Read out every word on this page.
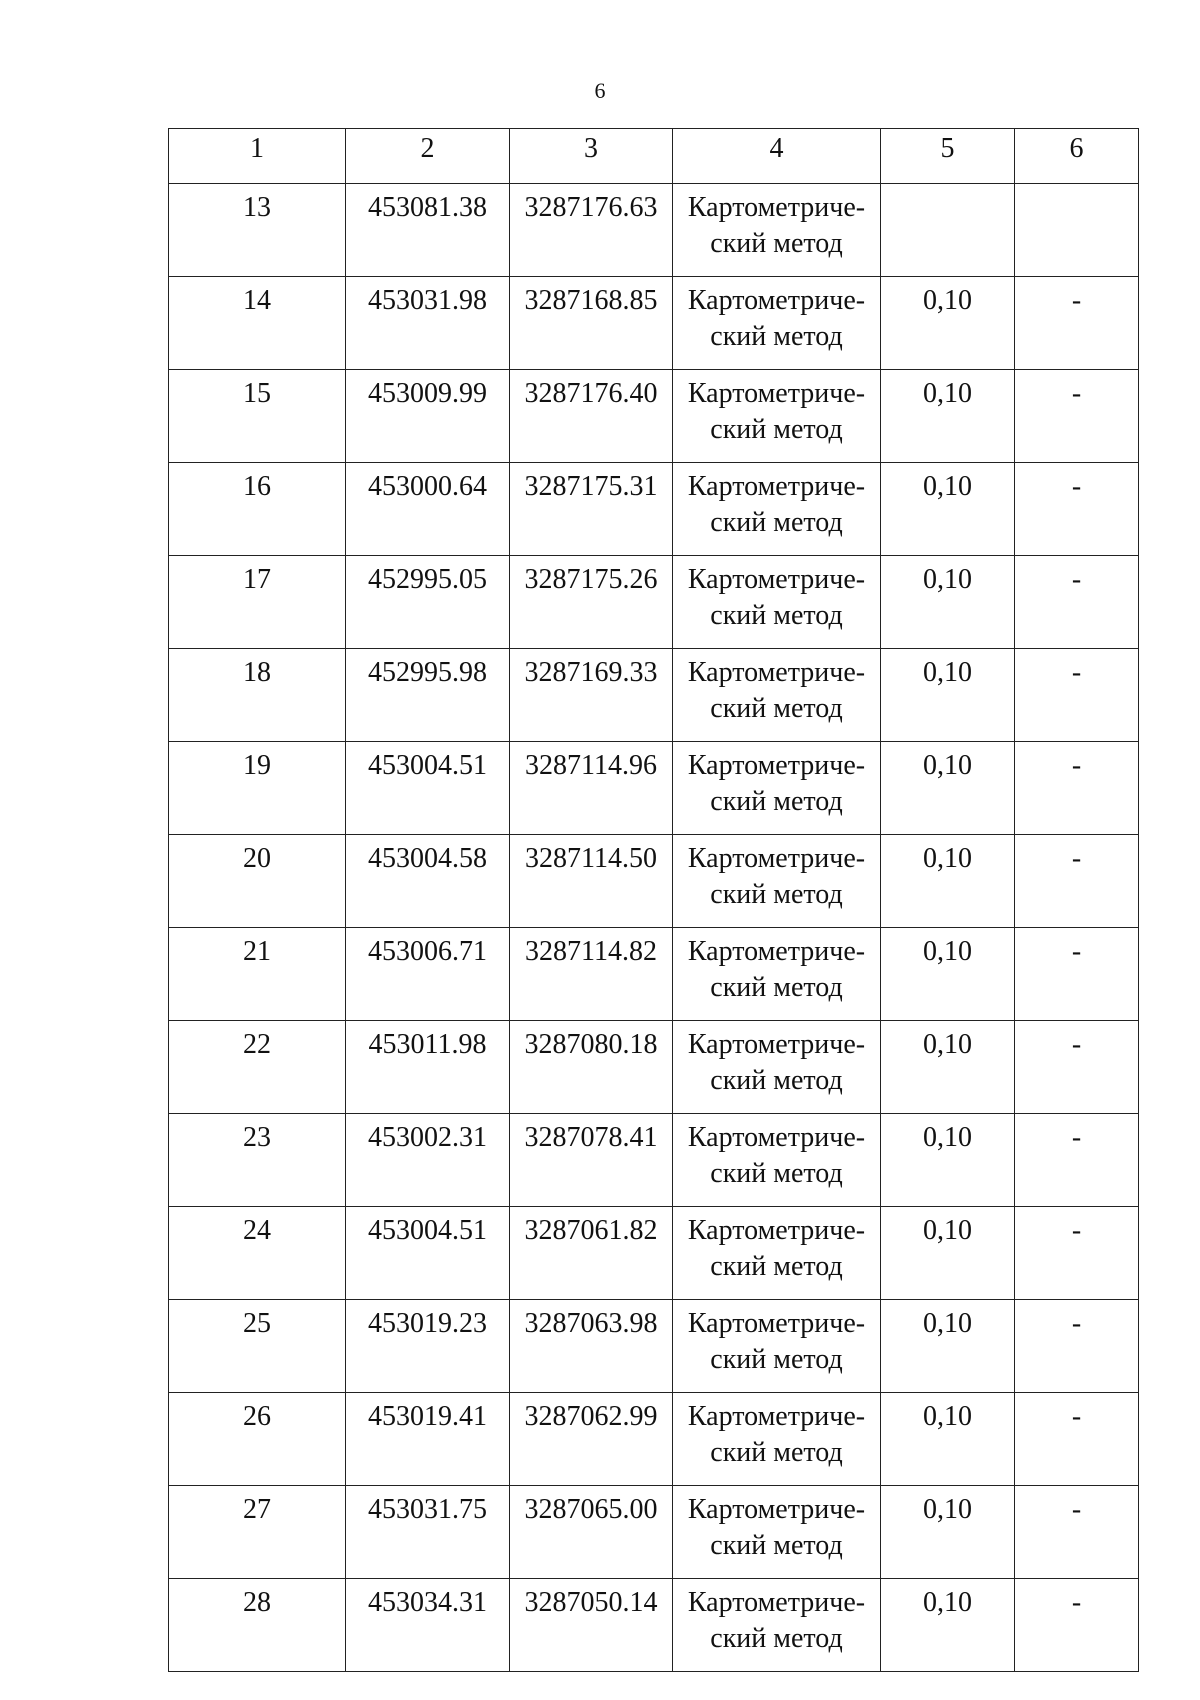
6
1	2	3	4	5	6
13	453081.38	3287176.63	Картометриче-
ский метод		

14	453031.98	3287168.85	Картометриче-
ский метод	0,10	-
15	453009.99	3287176.40	Картометриче-
ский метод	0,10	-
16	453000.64	3287175.31	Картометриче-
ский метод	0,10	-
17	452995.05	3287175.26	Картометриче-
ский метод	0,10	-
18	452995.98	3287169.33	Картометриче-
ский метод	0,10	-
19	453004.51	3287114.96	Картометриче-
ский метод	0,10	-
20	453004.58	3287114.50	Картометриче-
ский метод	0,10	-
21	453006.71	3287114.82	Картометриче-
ский метод	0,10	-
22	453011.98	3287080.18	Картометриче-
ский метод	0,10	-
23	453002.31	3287078.41	Картометриче-
ский метод	0,10	-
24	453004.51	3287061.82	Картометриче-
ский метод	0,10	-
25	453019.23	3287063.98	Картометриче-
ский метод	0,10	-
26	453019.41	3287062.99	Картометриче-
ский метод	0,10	-
27	453031.75	3287065.00	Картометриче-
ский метод	0,10	-
28	453034.31	3287050.14	Картометриче-
ский метод	0,10	-
